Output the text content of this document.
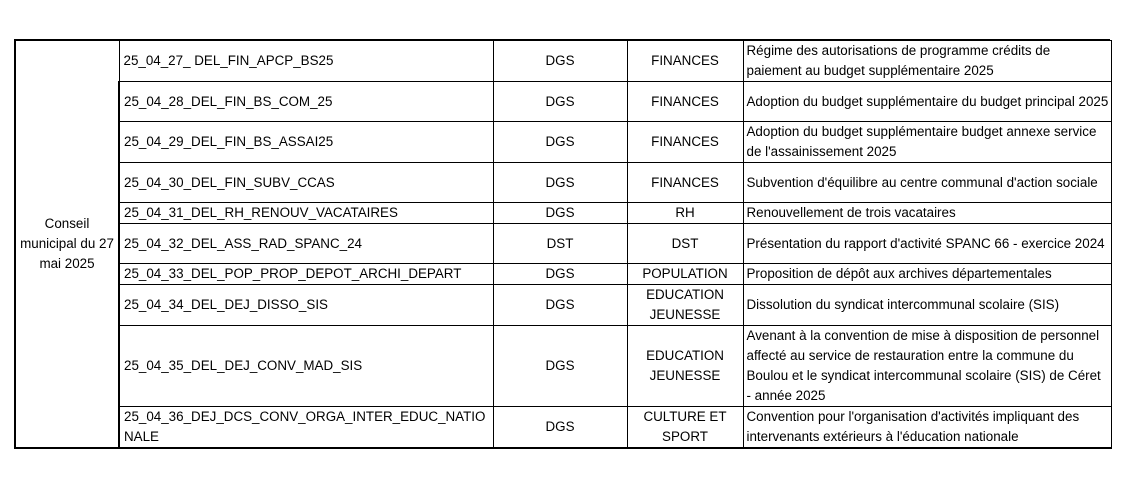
Conseil municipal du 27 mai 2025	25_04_27_ DEL_FIN_APCP_BS25	DGS	FINANCES	Régime des autorisations de programme crédits de paiement au budget supplémentaire 2025
	25_04_28_DEL_FIN_BS_COM_25	DGS	FINANCES	Adoption du budget supplémentaire du budget principal 2025
	25_04_29_DEL_FIN_BS_ASSAI25	DGS	FINANCES	Adoption du budget supplémentaire budget annexe service de l'assainissement 2025
	25_04_30_DEL_FIN_SUBV_CCAS	DGS	FINANCES	Subvention d'équilibre au centre communal d'action sociale
	25_04_31_DEL_RH_RENOUV_VACATAIRES	DGS	RH	Renouvellement de trois vacataires
	25_04_32_DEL_ASS_RAD_SPANC_24	DST	DST	Présentation du rapport d'activité SPANC 66 - exercice 2024
	25_04_33_DEL_POP_PROP_DEPOT_ARCHI_DEPART	DGS	POPULATION	Proposition de dépôt aux archives départementales
	25_04_34_DEL_DEJ_DISSO_SIS	DGS	EDUCATION JEUNESSE	Dissolution du syndicat intercommunal scolaire (SIS)
	25_04_35_DEL_DEJ_CONV_MAD_SIS	DGS	EDUCATION JEUNESSE	Avenant à la convention de mise à disposition de personnel affecté au service de restauration entre la commune du Boulou et le syndicat intercommunal scolaire (SIS) de Céret - année 2025
	25_04_36_DEJ_DCS_CONV_ORGA_INTER_EDUC_NATIONALE	DGS	CULTURE ET SPORT	Convention pour l'organisation d'activités impliquant des intervenants extérieurs à l'éducation nationale
